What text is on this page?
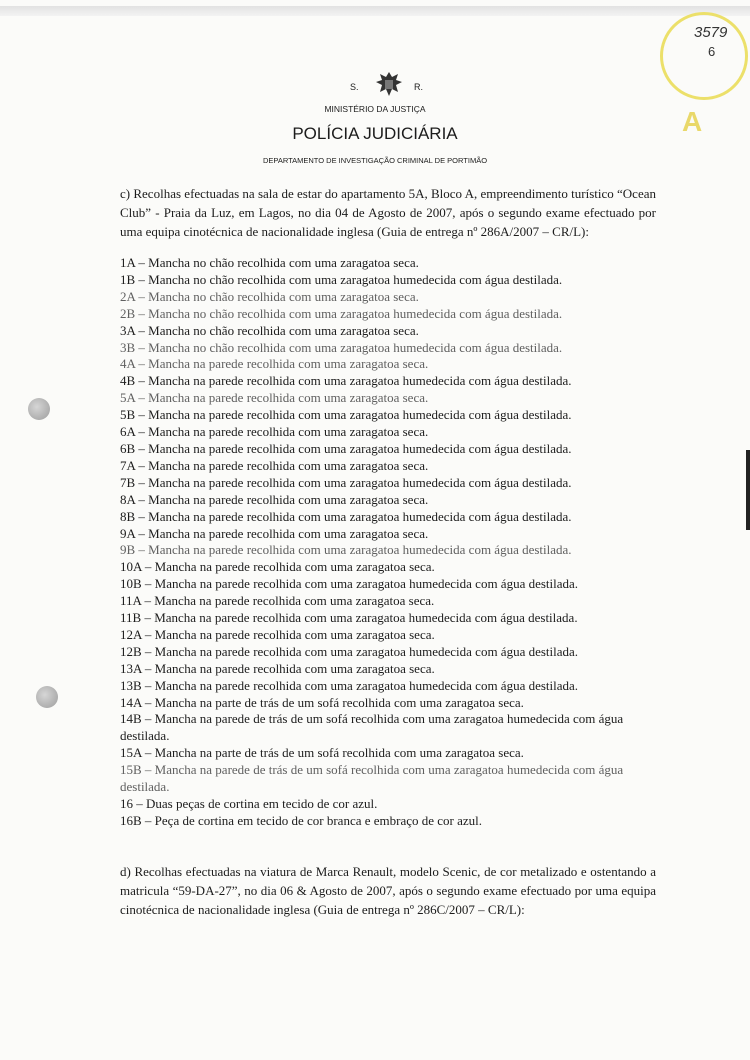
3579
6
A
S.	R.
MINISTÉRIO DA JUSTIÇA
POLÍCIA JUDICIÁRIA
DEPARTAMENTO DE INVESTIGAÇÃO CRIMINAL DE PORTIMÃO

c) Recolhas efectuadas na sala de estar do apartamento 5A, Bloco A, empreendimento turístico “Ocean Club” - Praia da Luz, em Lagos, no dia 04 de Agosto de 2007, após o segundo exame efectuado por uma equipa cinotécnica de nacionalidade inglesa (Guia de entrega nº 286A/2007 – CR/L):

1A – Mancha no chão recolhida com uma zaragatoa seca.
1B – Mancha no chão recolhida com uma zaragatoa humedecida com água destilada.
2A – Mancha no chão recolhida com uma zaragatoa seca.
2B – Mancha no chão recolhida com uma zaragatoa humedecida com água destilada.
3A – Mancha no chão recolhida com uma zaragatoa seca.
3B – Mancha no chão recolhida com uma zaragatoa humedecida com água destilada.
4A – Mancha na parede recolhida com uma zaragatoa seca.
4B – Mancha na parede recolhida com uma zaragatoa humedecida com água destilada.
5A – Mancha na parede recolhida com uma zaragatoa seca.
5B – Mancha na parede recolhida com uma zaragatoa humedecida com água destilada.
6A – Mancha na parede recolhida com uma zaragatoa seca.
6B – Mancha na parede recolhida com uma zaragatoa humedecida com água destilada.
7A – Mancha na parede recolhida com uma zaragatoa seca.
7B – Mancha na parede recolhida com uma zaragatoa humedecida com água destilada.
8A – Mancha na parede recolhida com uma zaragatoa seca.
8B – Mancha na parede recolhida com uma zaragatoa humedecida com água destilada.
9A – Mancha na parede recolhida com uma zaragatoa seca.
9B – Mancha na parede recolhida com uma zaragatoa humedecida com água destilada.
10A – Mancha na parede recolhida com uma zaragatoa seca.
10B – Mancha na parede recolhida com uma zaragatoa humedecida com água destilada.
11A – Mancha na parede recolhida com uma zaragatoa seca.
11B – Mancha na parede recolhida com uma zaragatoa humedecida com água destilada.
12A – Mancha na parede recolhida com uma zaragatoa seca.
12B – Mancha na parede recolhida com uma zaragatoa humedecida com água destilada.
13A – Mancha na parede recolhida com uma zaragatoa seca.
13B – Mancha na parede recolhida com uma zaragatoa humedecida com água destilada.
14A – Mancha na parte de trás de um sofá recolhida com uma zaragatoa seca.
14B – Mancha na parede de trás de um sofá recolhida com uma zaragatoa humedecida com água destilada.
15A – Mancha na parte de trás de um sofá recolhida com uma zaragatoa seca.
15B – Mancha na parede de trás de um sofá recolhida com uma zaragatoa humedecida com água destilada.
16 – Duas peças de cortina em tecido de cor azul.
16B – Peça de cortina em tecido de cor branca e embraço de cor azul.

d) Recolhas efectuadas na viatura de Marca Renault, modelo Scenic, de cor metalizado e ostentando a matricula “59-DA-27”, no dia 06 & Agosto de 2007, após o segundo exame efectuado por uma equipa cinotécnica de nacionalidade inglesa (Guia de entrega nº 286C/2007 – CR/L):
